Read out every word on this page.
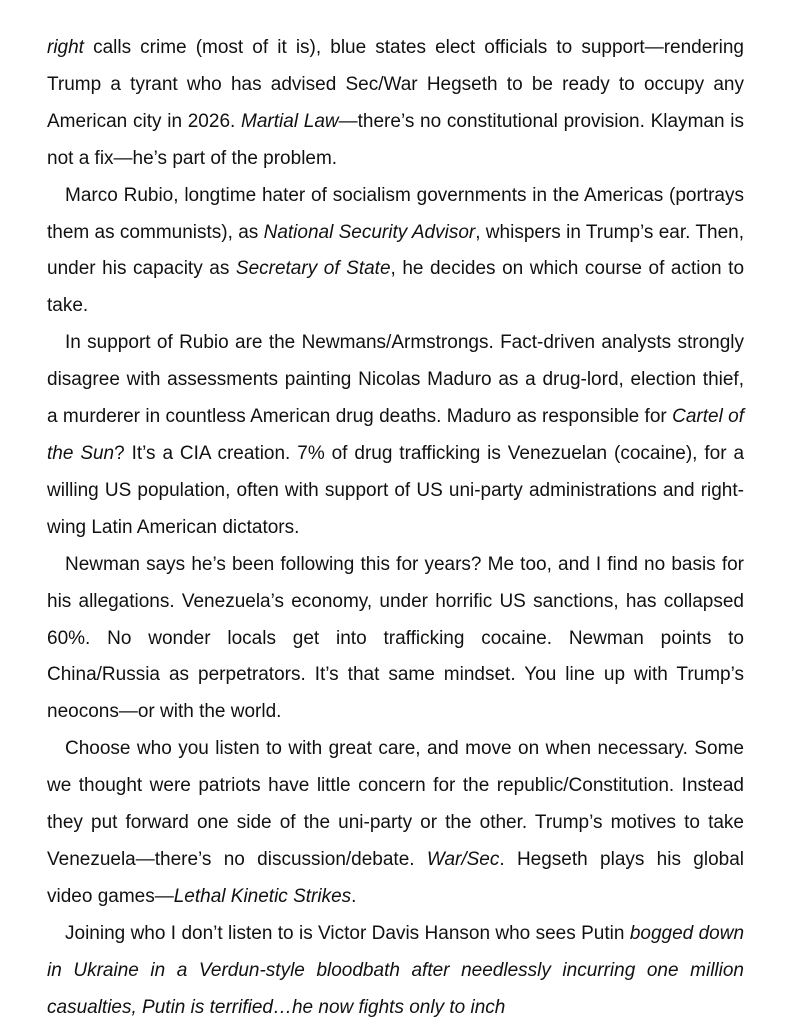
right calls crime (most of it is), blue states elect officials to support—rendering Trump a tyrant who has advised Sec/War Hegseth to be ready to occupy any American city in 2026. Martial Law—there’s no constitutional provision. Klayman is not a fix—he’s part of the problem.

Marco Rubio, longtime hater of socialism governments in the Americas (portrays them as communists), as National Security Advisor, whispers in Trump’s ear. Then, under his capacity as Secretary of State, he decides on which course of action to take.

In support of Rubio are the Newmans/Armstrongs. Fact-driven analysts strongly disagree with assessments painting Nicolas Maduro as a drug-lord, election thief, a murderer in countless American drug deaths. Maduro as responsible for Cartel of the Sun? It’s a CIA creation. 7% of drug trafficking is Venezuelan (cocaine), for a willing US population, often with support of US uni-party administrations and right-wing Latin American dictators.

Newman says he’s been following this for years? Me too, and I find no basis for his allegations. Venezuela’s economy, under horrific US sanctions, has collapsed 60%. No wonder locals get into trafficking cocaine. Newman points to China/Russia as perpetrators. It’s that same mindset. You line up with Trump’s neocons—or with the world.

Choose who you listen to with great care, and move on when necessary. Some we thought were patriots have little concern for the republic/Constitution. Instead they put forward one side of the uni-party or the other. Trump’s motives to take Venezuela—there’s no discussion/debate. War/Sec. Hegseth plays his global video games—Lethal Kinetic Strikes.

Joining who I don’t listen to is Victor Davis Hanson who sees Putin bogged down in Ukraine in a Verdun-style bloodbath after needlessly incurring one million casualties, Putin is terrified…he now fights only to inch
